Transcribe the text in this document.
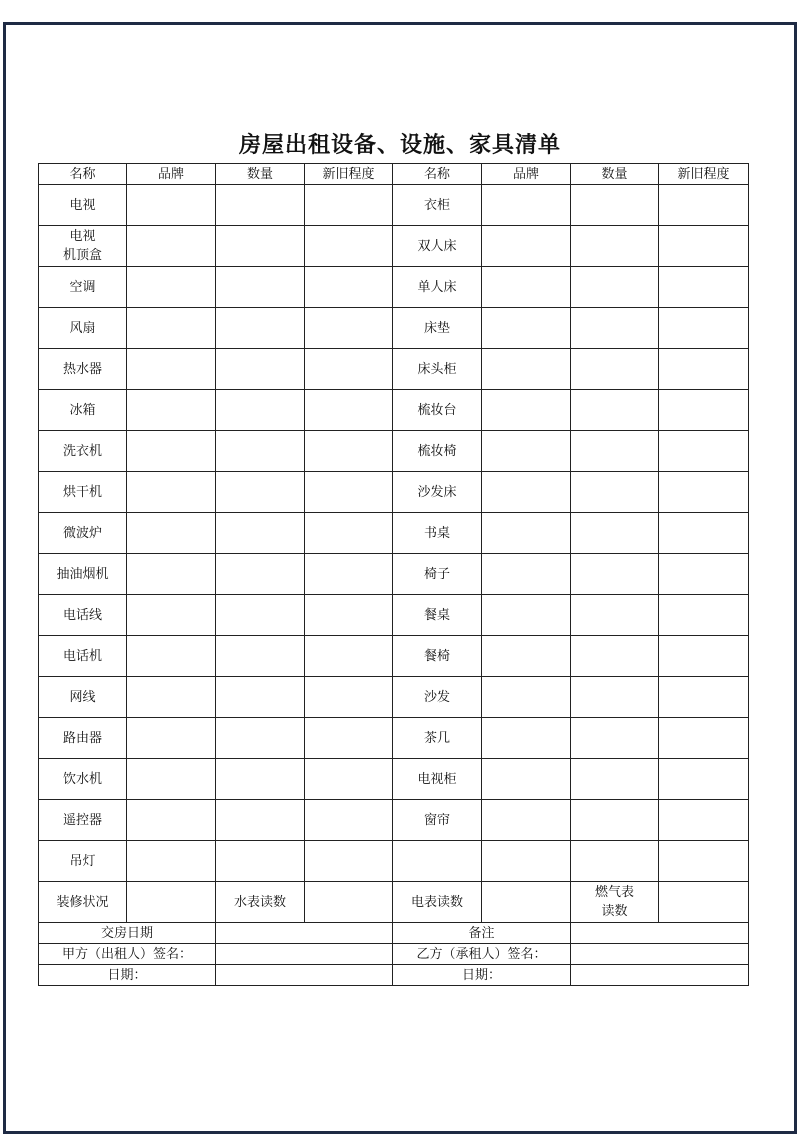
房屋出租设备、设施、家具清单
名称	品牌	数量	新旧程度	名称	品牌	数量	新旧程度
电视				衣柜			
电视
机顶盒				双人床			
空调				单人床			
风扇				床垫			
热水器				床头柜			
冰箱				梳妆台			
洗衣机				梳妆椅			
烘干机				沙发床			
微波炉				书桌			
抽油烟机				椅子			
电话线				餐桌			
电话机				餐椅			
网线				沙发			
路由器				茶几			
饮水机				电视柜			
遥控器				窗帘			
吊灯							
装修状况		水表读数		电表读数		燃气表
读数	
交房日期				备注			
甲方（出租人）签名：				乙方（承租人）签名：			
日期：				日期：			
